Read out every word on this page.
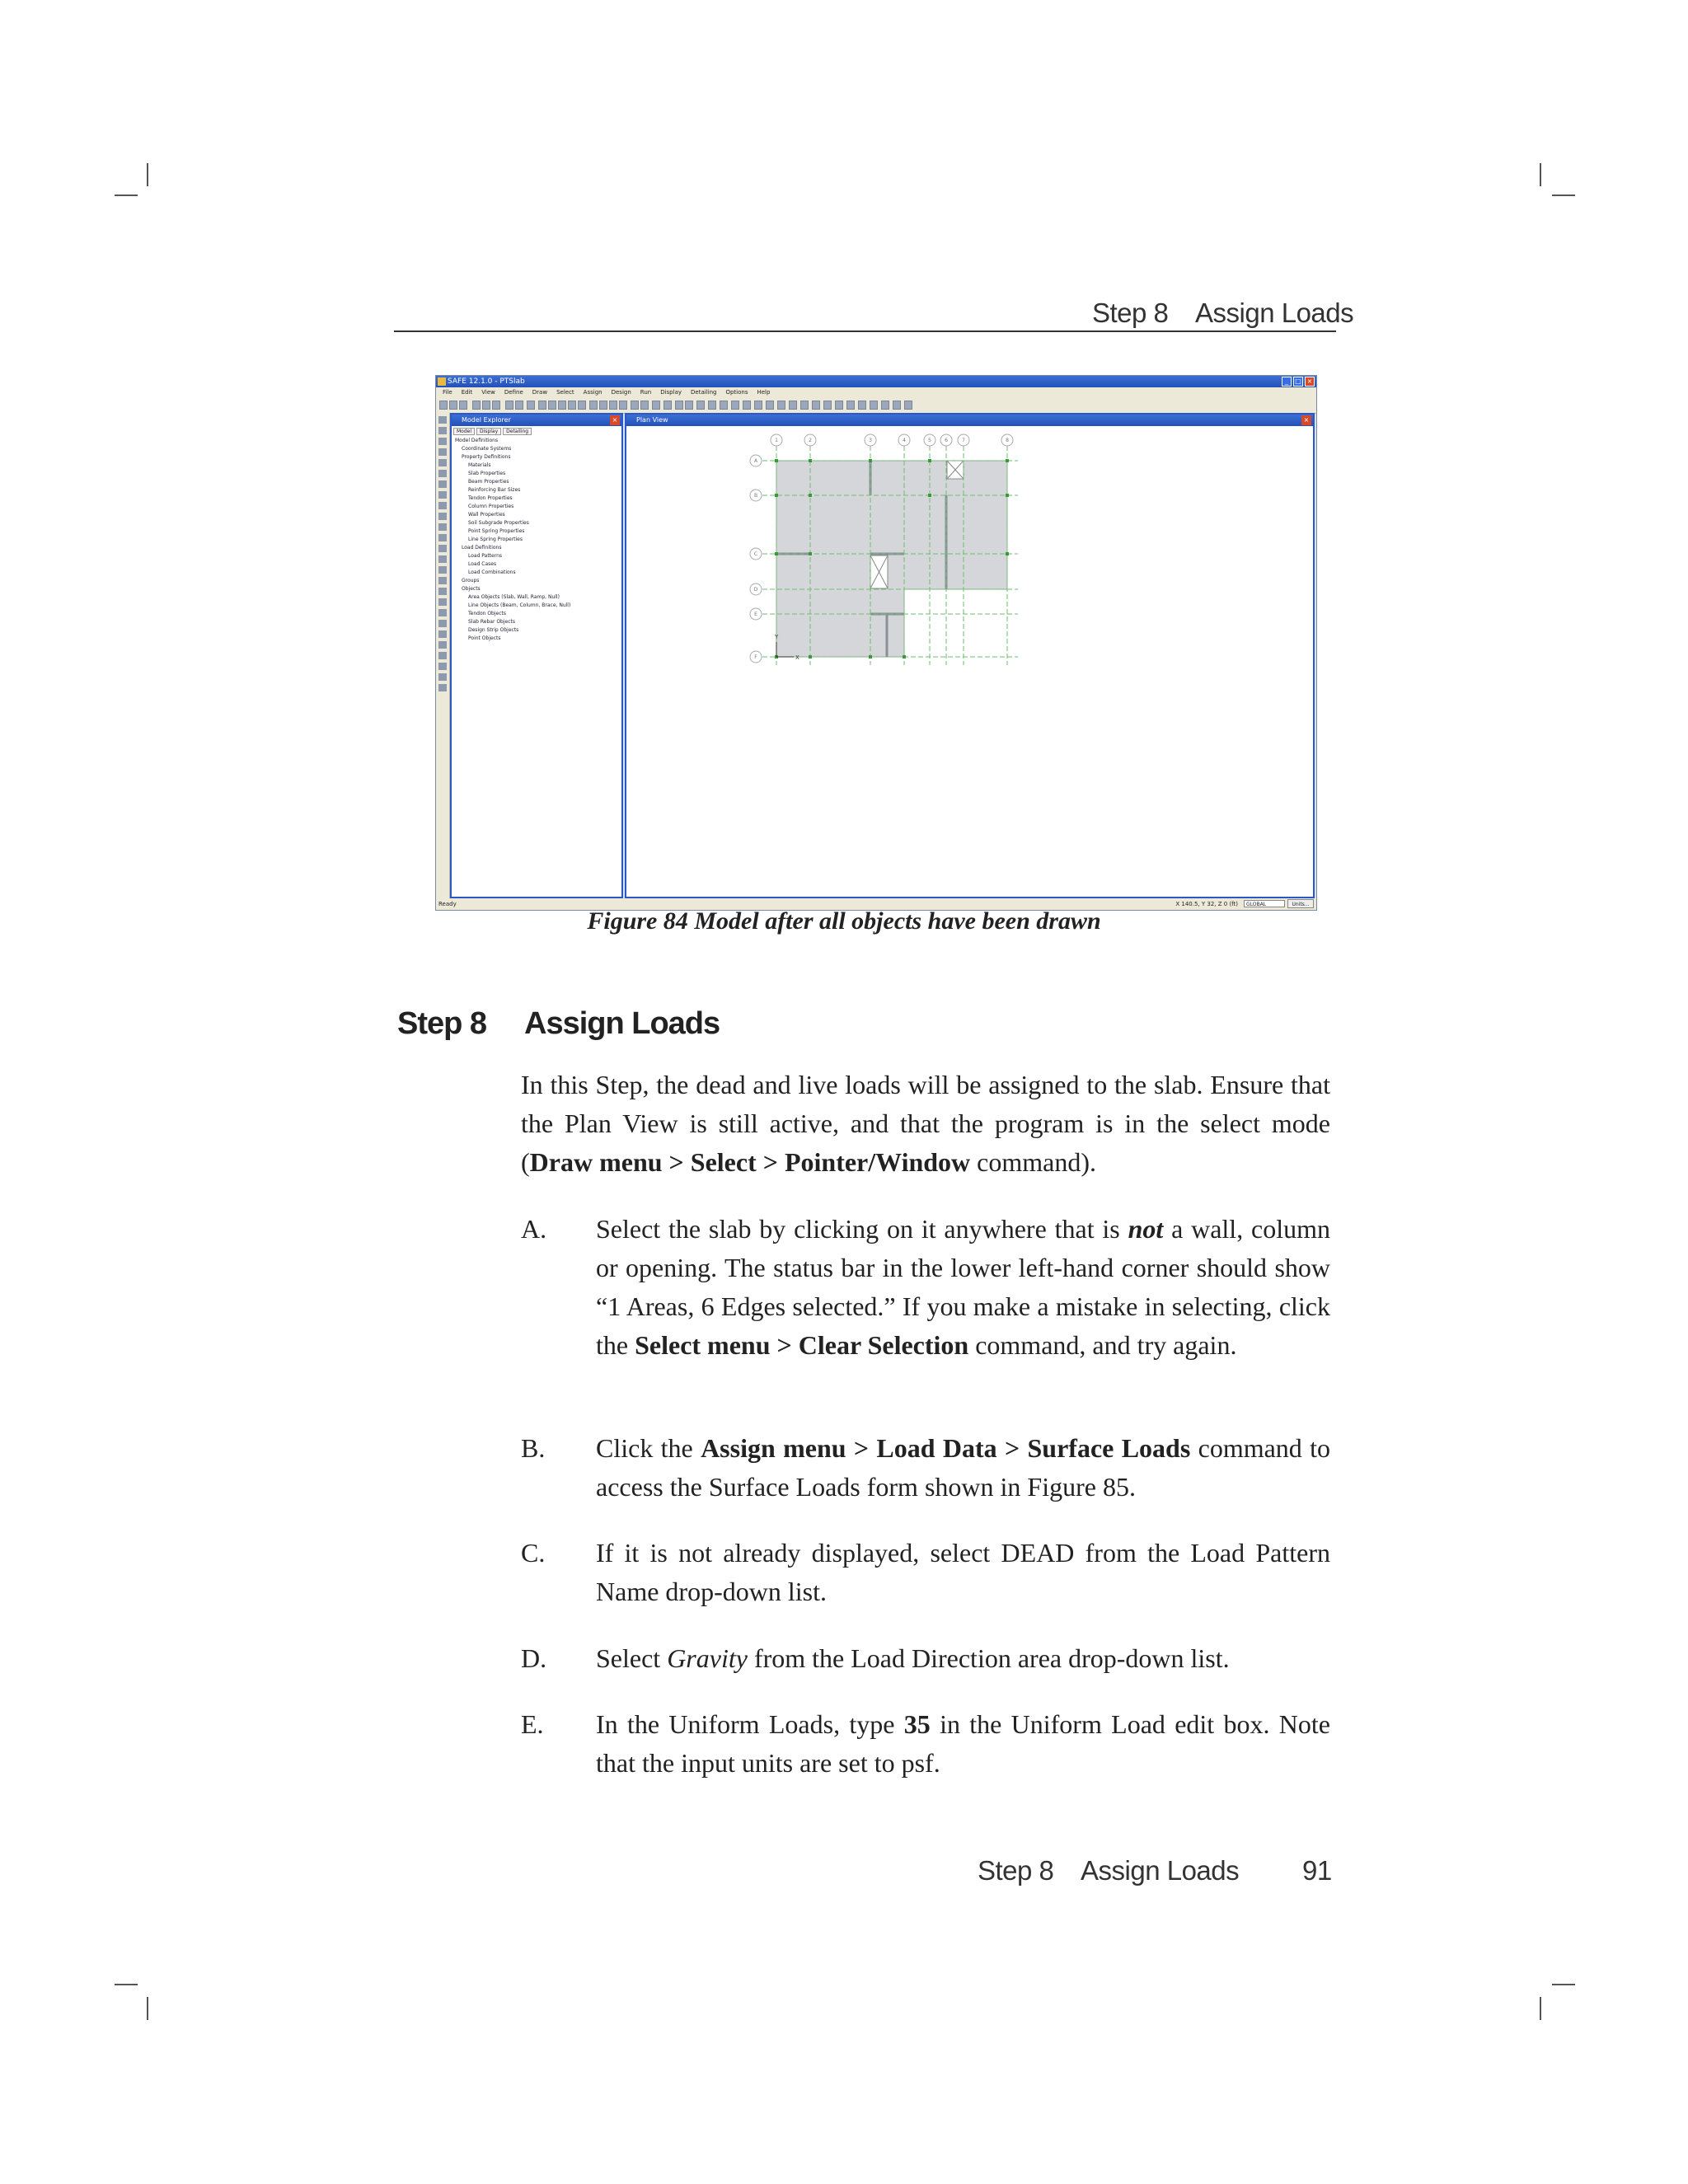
Step 8 Assign Loads
SAFE 12.1.0 - PTSlab	_	□ ×
File Edit View Define Draw Select Assign Design Run Display Detailing Options Help
Model Explorer	×
Model	Display	Detailing
Model Definitions
Coordinate Systems
Property Definitions
Materials
Slab Properties
Beam Properties
Reinforcing Bar Sizes
Tendon Properties
Column Properties
Wall Properties
Soil Subgrade Properties
Point Spring Properties
Line Spring Properties
Load Definitions
Load Patterns
Load Cases
Load Combinations
Groups
Objects
Area Objects (Slab, Wall, Ramp, Null)
Line Objects (Beam, Column, Brace, Null)
Tendon Objects
Slab Rebar Objects
Design Strip Objects
Point Objects
Plan View	×
1	2	3	4	5	6	7	8
A
B
C
D
E
F
Y
X
Ready	X 140.5, Y 32, Z 0 (ft)	GLOBAL	Units...
Figure 84 Model after all objects have been drawn
Step 8 Assign Loads
In this Step, the dead and live loads will be assigned to the slab. Ensure that the Plan View is still active, and that the program is in the select mode (Draw menu > Select > Pointer/Window command).
A. Select the slab by clicking on it anywhere that is not a wall, column or opening. The status bar in the lower left-hand corner should show “1 Areas, 6 Edges selected.” If you make a mistake in selecting, click the Select menu > Clear Selection command, and try again.
B. Click the Assign menu > Load Data > Surface Loads command to access the Surface Loads form shown in Figure 85.
C. If it is not already displayed, select DEAD from the Load Pattern Name drop-down list.
D. Select Gravity from the Load Direction area drop-down list.
E. In the Uniform Loads, type 35 in the Uniform Load edit box. Note that the input units are set to psf.
Step 8 Assign Loads 91
